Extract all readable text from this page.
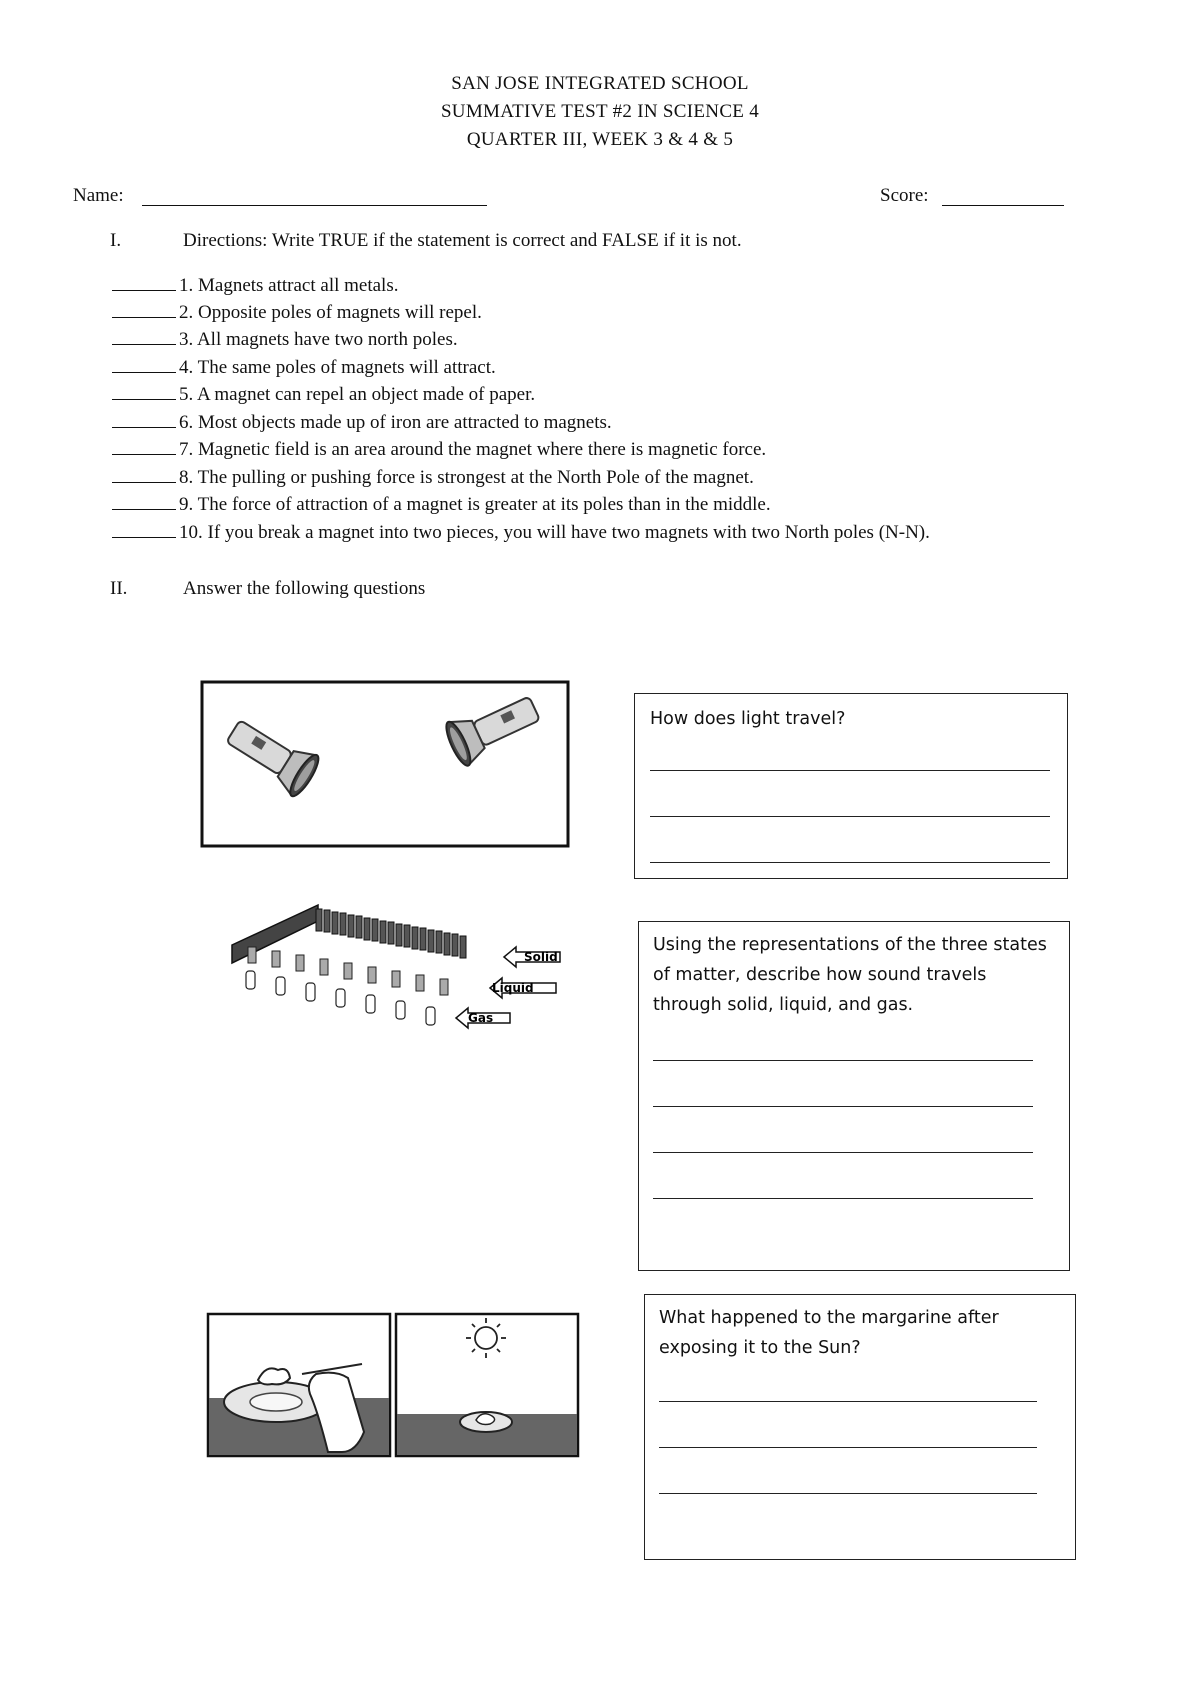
SAN JOSE INTEGRATED SCHOOL
SUMMATIVE TEST #2 IN SCIENCE 4
QUARTER III, WEEK 3 & 4 & 5
Name:	Score:
I.	Directions: Write TRUE if the statement is correct and FALSE if it is not.
1. Magnets attract all metals.
2. Opposite poles of magnets will repel.
3. All magnets have two north poles.
4. The same poles of magnets will attract.
5. A magnet can repel an object made of paper.
6. Most objects made up of iron are attracted to magnets.
7. Magnetic field is an area around the magnet where there is magnetic force.
8. The pulling or pushing force is strongest at the North Pole of the magnet.
9. The force of attraction of a magnet is greater at its poles than in the middle.
10. If you break a magnet into two pieces, you will have two magnets with two North poles (N-N).
II.	Answer the following questions
How does light travel?
Solid
Liquid
Gas
Using the representations of the three states of matter, describe how sound travels through solid, liquid, and gas.
What happened to the margarine after exposing it to the Sun?
